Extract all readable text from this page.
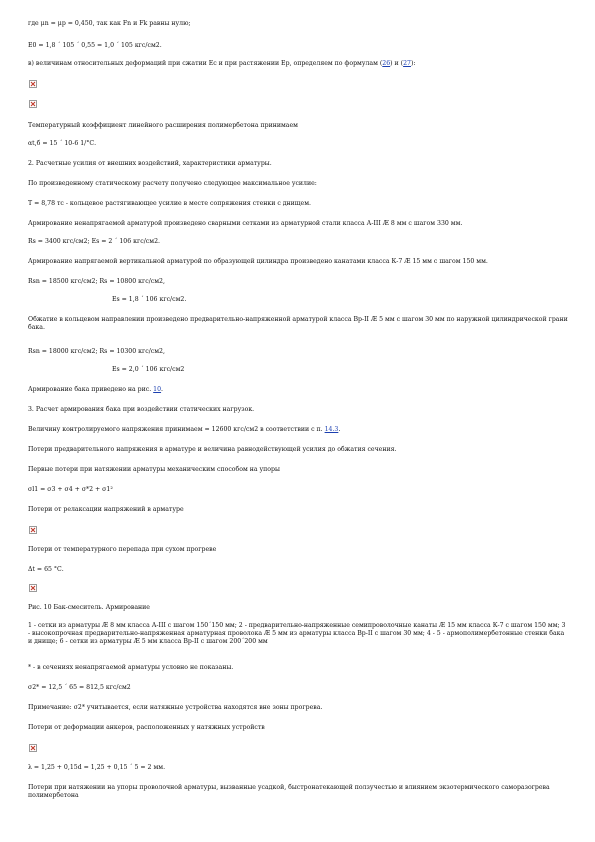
где μn = μp = 0,450, так как Fn и Fk равны нулю;

E0 = 1,8 ´ 105 ´ 0,55 = 1,0 ´ 105 кгс/см2.

в) величинам относительных деформаций при сжатии Ec и при растяжении Ep, определяем по формулам (26) и (27):

Температурный коэффициент линейного расширения полимербетона принимаем

αt,б = 15 ´ 10-6 1/°С.

2. Расчетные усилия от внешних воздействий, характеристики арматуры.

По произведенному статическому расчету получено следующее максимальное усилие:

Т = 8,78 тс - кольцевое растягивающее усилие в месте сопряжения стенки с днищем.

Армирование ненапрягаемой арматурой произведено сварными сетками из арматурной стали класса А-III Æ 8 мм с шагом 330 мм.

Rs = 3400 кгс/см2; Es = 2 ´ 106 кгс/см2.

Армирование напрягаемой вертикальной арматурой по образующей цилиндра произведено канатами класса К-7 Æ 15 мм с шагом 150 мм.

Rsn = 18500 кгс/см2; Rs = 10800 кгс/см2,

Es = 1,8 ´ 106 кгс/см2.

Обжатие в кольцевом направлении произведено предварительно-напряженной арматурой класса Вр-II Æ 5 мм с шагом 30 мм по наружной цилиндрической грани бака.

Rsn = 18000 кгс/см2; Rs = 10300 кгс/см2,

Es = 2,0 ´ 106 кгс/см2

Армирование бака приведено на рис. 10.

3. Расчет армирования бака при воздействии статических нагрузок.

Величину контролируемого напряжения принимаем = 12600 кгс/см2 в соответствии с п. 14.3.

Потери предварительного напряжения в арматуре и величина равнодействующей усилия до обжатия сечения.

Первые потери при натяжении арматуры механическим способом на упоры

σl1 = σ3 + σ4 + σ*2 + σ1²

Потери от релаксации напряжений в арматуре

Потери от температурного перепада при сухом прогреве

Δt = 65 °С.

Рис. 10 Бак-смеситель. Армирование

1 - сетки из арматуры Æ 8 мм класса А-III с шагом 150´150 мм; 2 - предварительно-напряженные семипроволочные канаты Æ 15 мм класса К-7 с шагом 150 мм; 3 - высокопрочная предварительно-напряженная арматурная проволока Æ 5 мм из арматуры класса Вр-II с шагом 30 мм; 4 - 5 - армополимербетонные стенки бака и днище; 6 - сетки из арматуры Æ 5 мм класса Вр-II с шагом 200´200 мм

* - в сечениях ненапрягаемой арматуры условно не показаны.

σ2* = 12,5 ´ 65 = 812,5 кгс/см2

Примечание: σ2* учитывается, если натяжные устройства находятся вне зоны прогрева.

Потери от деформации анкеров, расположенных у натяжных устройств

λ = 1,25 + 0,15d = 1,25 + 0,15 ´ 5 = 2 мм.

Потери при натяжении на упоры проволочной арматуры, вызванные усадкой, быстронатекающей ползучестью и влиянием экзотермического саморазогрева полимербетона
